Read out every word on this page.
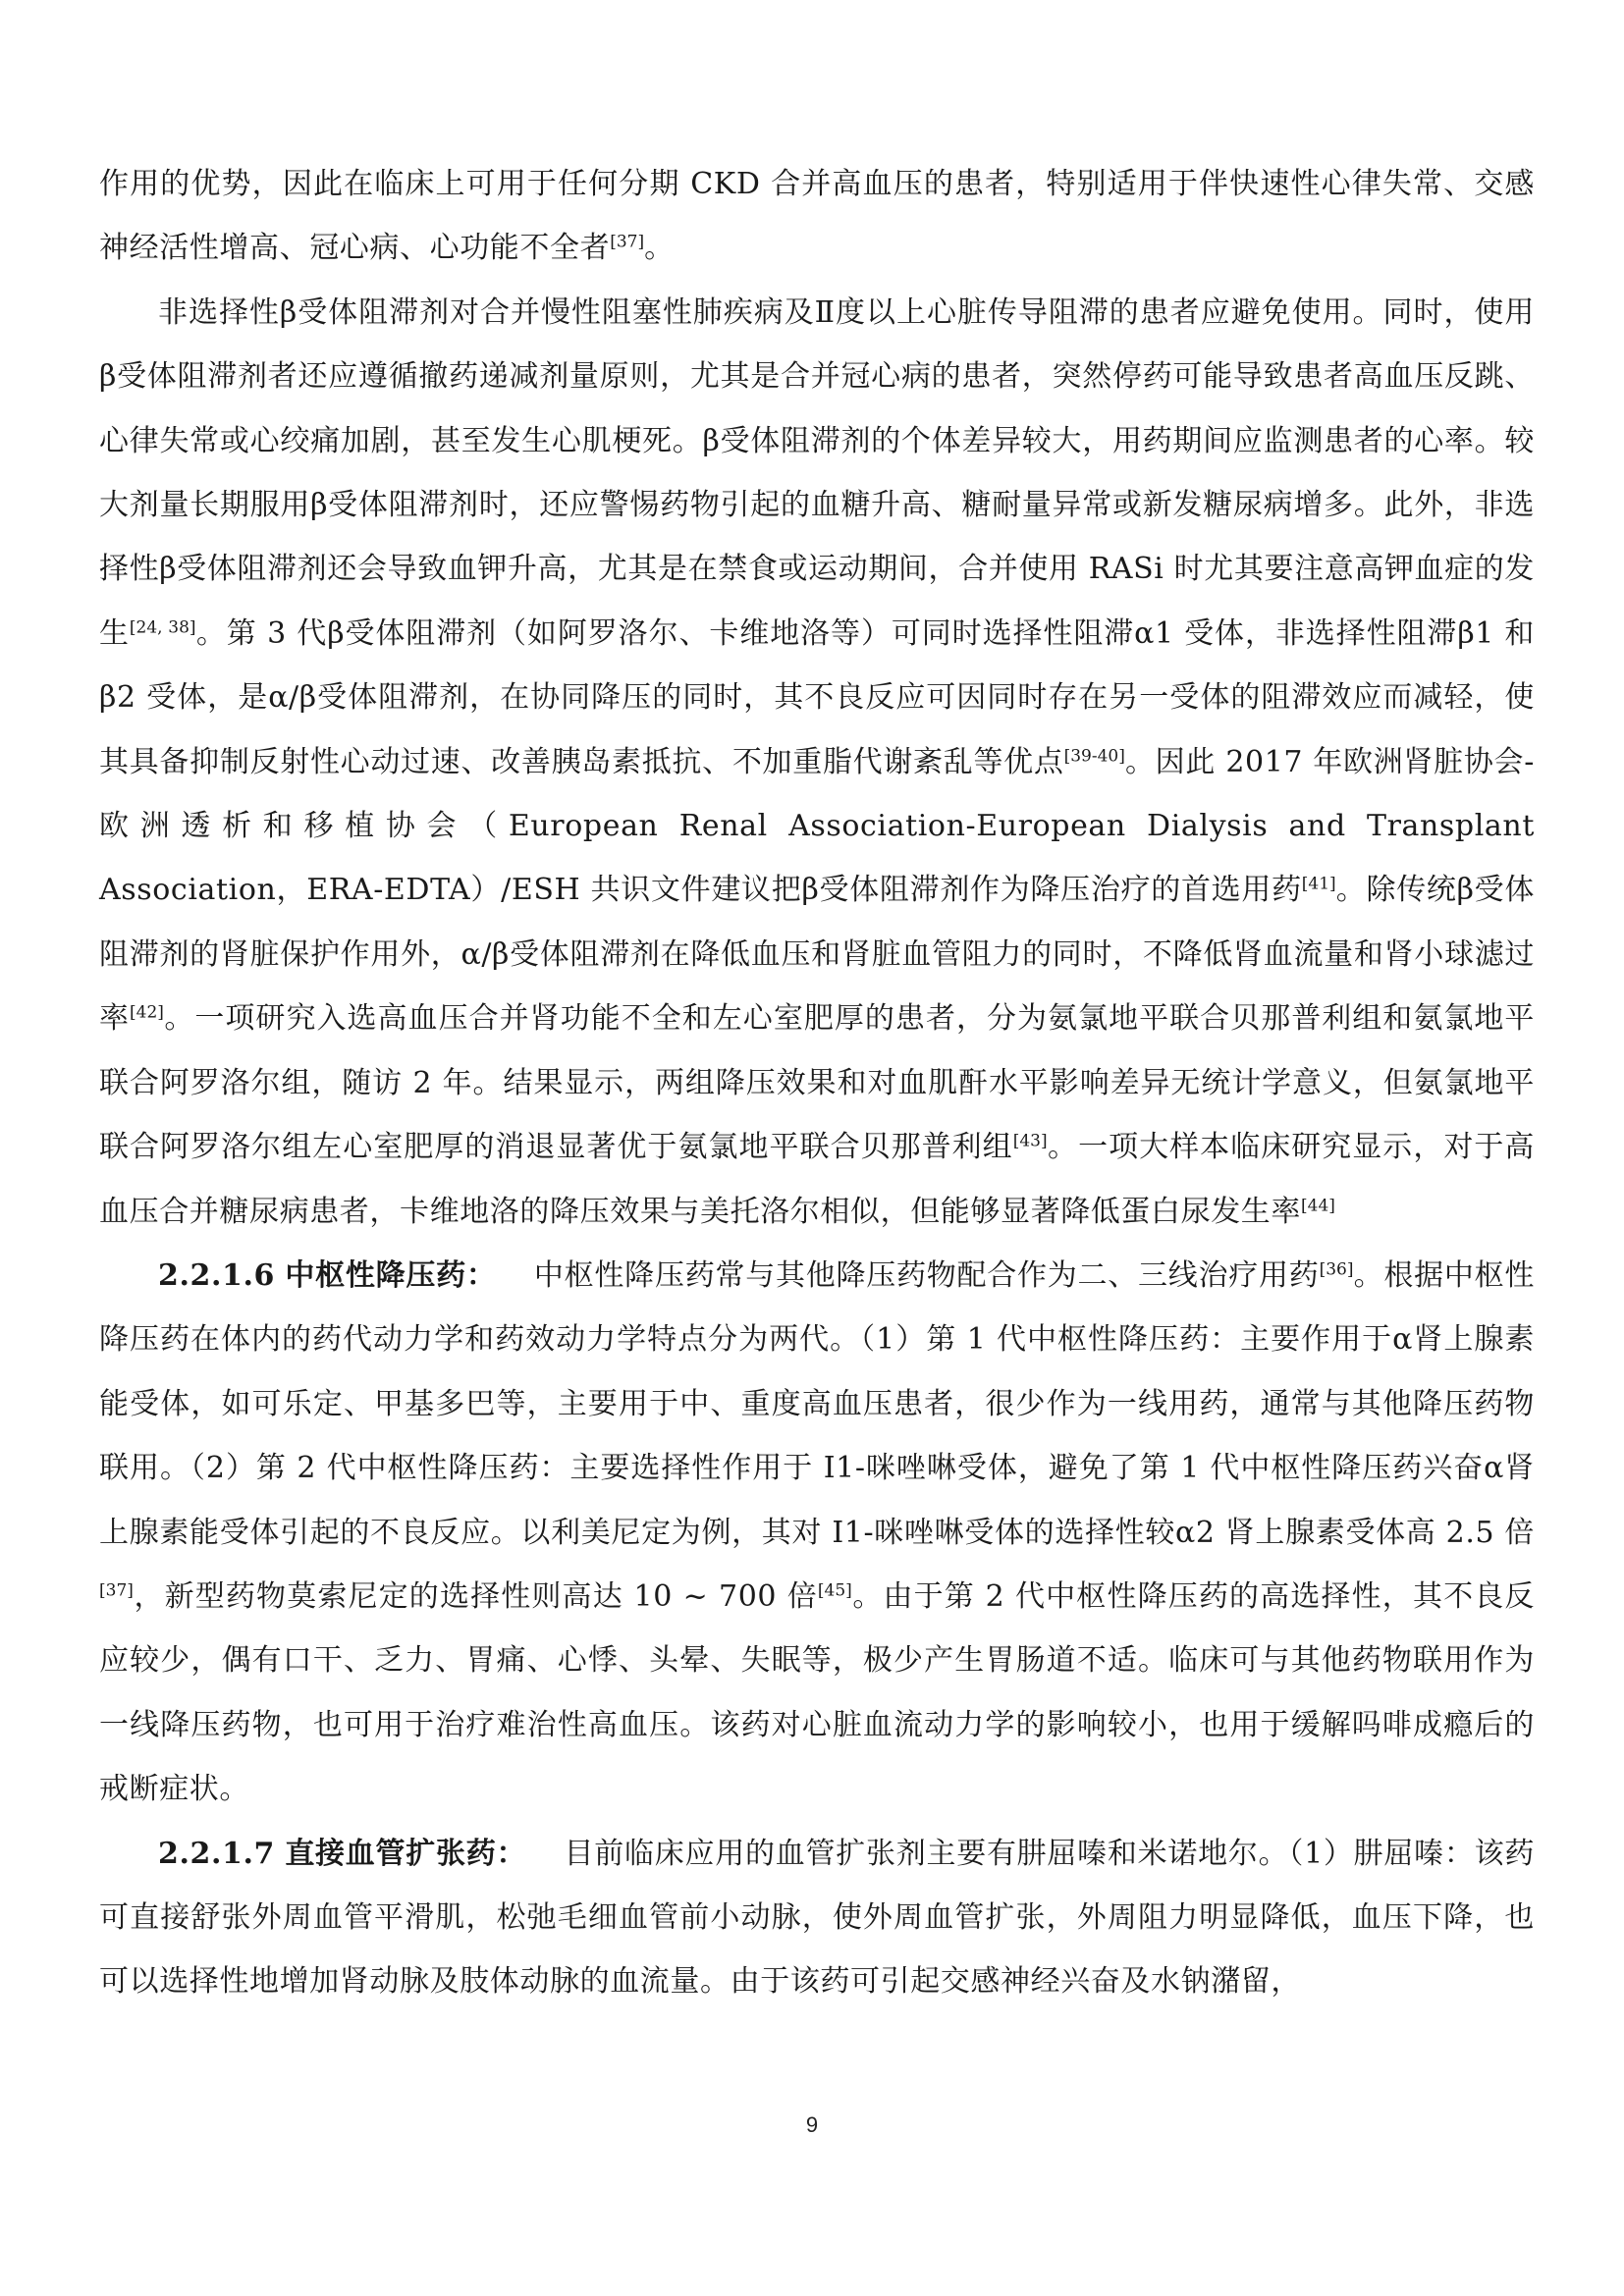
作用的优势，因此在临床上可用于任何分期 CKD 合并高血压的患者，特别适用于伴快速性心律失常、交感神经活性增高、冠心病、心功能不全者[37]。

非选择性β受体阻滞剂对合并慢性阻塞性肺疾病及Ⅱ度以上心脏传导阻滞的患者应避免使用。同时，使用β受体阻滞剂者还应遵循撤药递减剂量原则，尤其是合并冠心病的患者，突然停药可能导致患者高血压反跳、心律失常或心绞痛加剧，甚至发生心肌梗死。β受体阻滞剂的个体差异较大，用药期间应监测患者的心率。较大剂量长期服用β受体阻滞剂时，还应警惕药物引起的血糖升高、糖耐量异常或新发糖尿病增多。此外，非选择性β受体阻滞剂还会导致血钾升高，尤其是在禁食或运动期间，合并使用 RASi 时尤其要注意高钾血症的发生[24, 38]。第 3 代β受体阻滞剂（如阿罗洛尔、卡维地洛等）可同时选择性阻滞α1 受体，非选择性阻滞β1 和β2 受体，是α/β受体阻滞剂，在协同降压的同时，其不良反应可因同时存在另一受体的阻滞效应而减轻，使其具备抑制反射性心动过速、改善胰岛素抵抗、不加重脂代谢紊乱等优点[39-40]。因此 2017 年欧洲肾脏协会-欧洲透析和移植协会（European Renal Association-European Dialysis and Transplant Association，ERA-EDTA）/ESH 共识文件建议把β受体阻滞剂作为降压治疗的首选用药[41]。除传统β受体阻滞剂的肾脏保护作用外，α/β受体阻滞剂在降低血压和肾脏血管阻力的同时，不降低肾血流量和肾小球滤过率[42]。一项研究入选高血压合并肾功能不全和左心室肥厚的患者，分为氨氯地平联合贝那普利组和氨氯地平联合阿罗洛尔组，随访 2 年。结果显示，两组降压效果和对血肌酐水平影响差异无统计学意义，但氨氯地平联合阿罗洛尔组左心室肥厚的消退显著优于氨氯地平联合贝那普利组[43]。一项大样本临床研究显示，对于高血压合并糖尿病患者，卡维地洛的降压效果与美托洛尔相似，但能够显著降低蛋白尿发生率[44]

2.2.1.6 中枢性降压药： 中枢性降压药常与其他降压药物配合作为二、三线治疗用药[36]。根据中枢性降压药在体内的药代动力学和药效动力学特点分为两代。（1）第 1 代中枢性降压药：主要作用于α肾上腺素能受体，如可乐定、甲基多巴等，主要用于中、重度高血压患者，很少作为一线用药，通常与其他降压药物联用。（2）第 2 代中枢性降压药：主要选择性作用于 I1-咪唑啉受体，避免了第 1 代中枢性降压药兴奋α肾上腺素能受体引起的不良反应。以利美尼定为例，其对 I1-咪唑啉受体的选择性较α2 肾上腺素受体高 2.5 倍[37]，新型药物莫索尼定的选择性则高达 10 ~ 700 倍[45]。由于第 2 代中枢性降压药的高选择性，其不良反应较少，偶有口干、乏力、胃痛、心悸、头晕、失眠等，极少产生胃肠道不适。临床可与其他药物联用作为一线降压药物，也可用于治疗难治性高血压。该药对心脏血流动力学的影响较小，也用于缓解吗啡成瘾后的戒断症状。

2.2.1.7 直接血管扩张药： 目前临床应用的血管扩张剂主要有肼屈嗪和米诺地尔。（1）肼屈嗪：该药可直接舒张外周血管平滑肌，松弛毛细血管前小动脉，使外周血管扩张，外周阻力明显降低，血压下降，也可以选择性地增加肾动脉及肢体动脉的血流量。由于该药可引起交感神经兴奋及水钠潴留，

9
